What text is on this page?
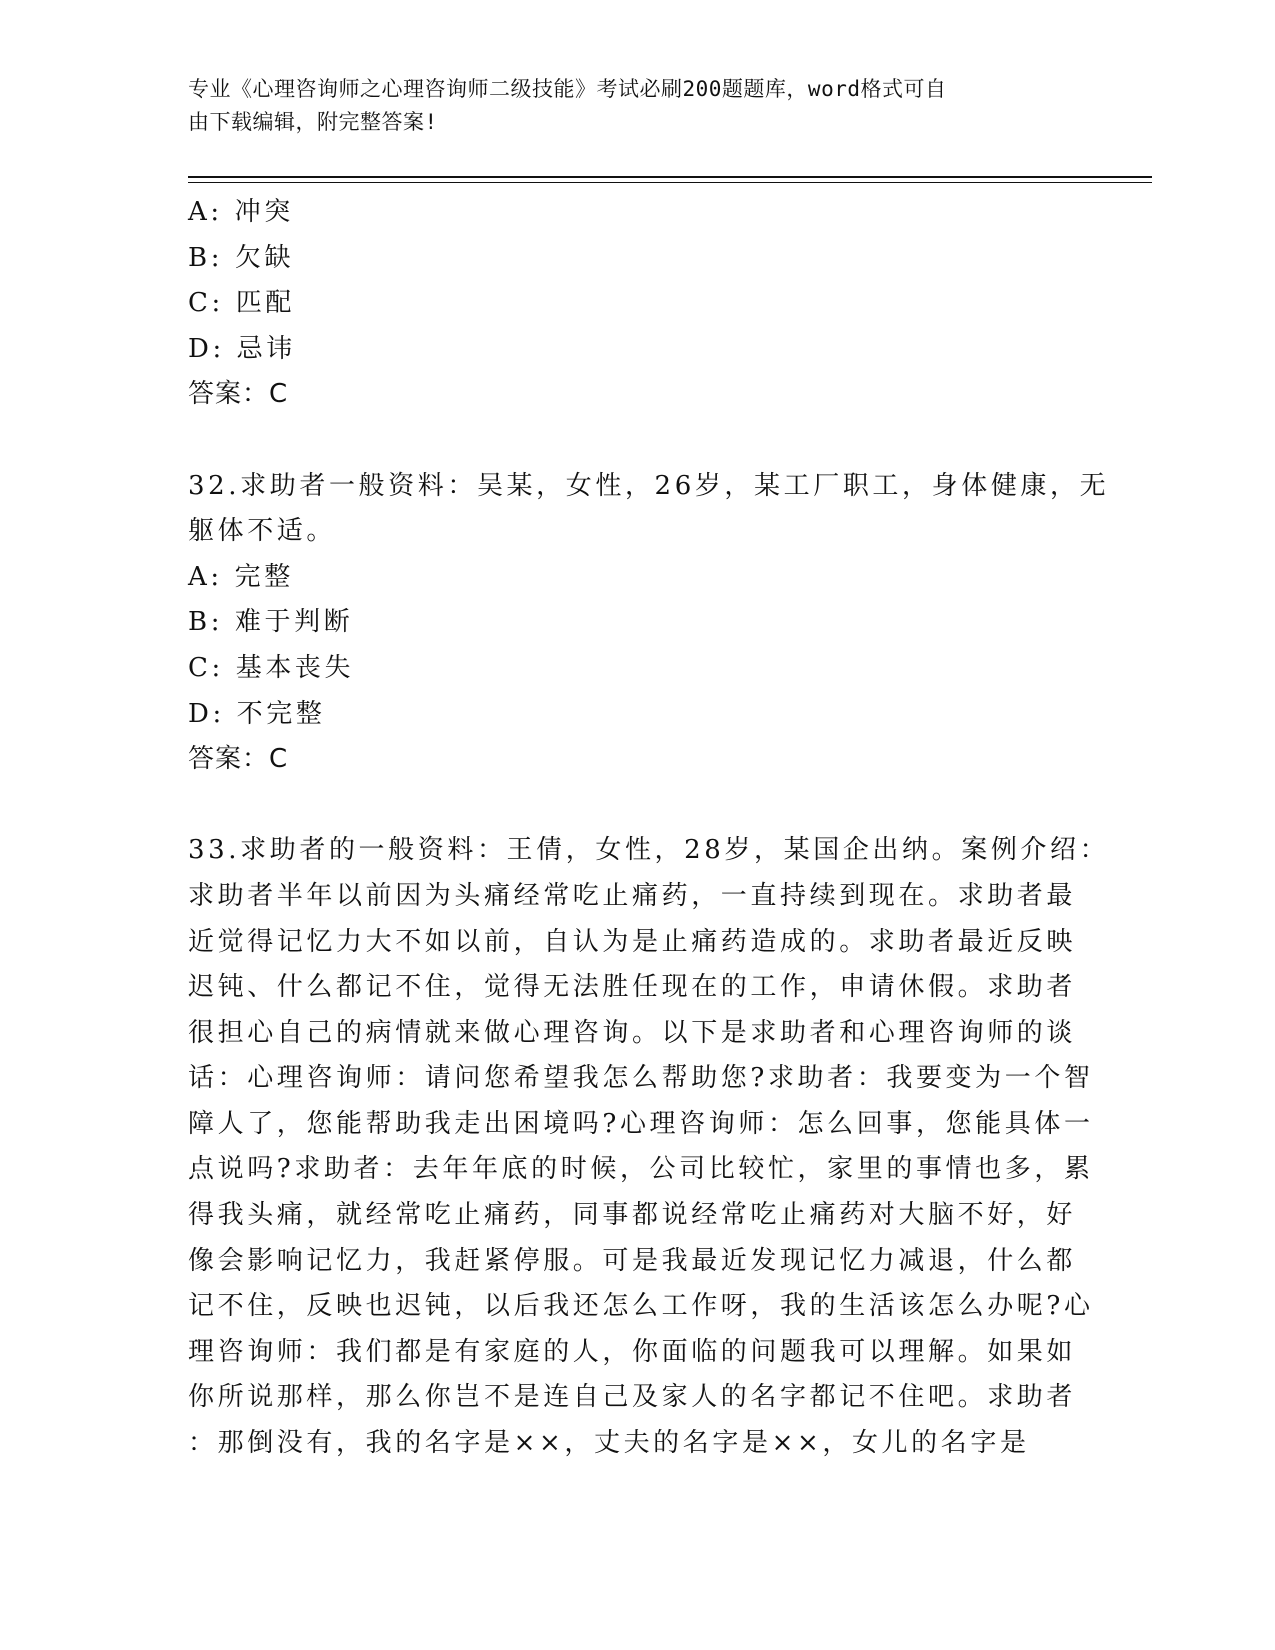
专业《心理咨询师之心理咨询师二级技能》考试必刷200题题库，word格式可自
由下载编辑，附完整答案!
A: 冲突
B: 欠缺
C: 匹配
D: 忌讳
答案：C
32.求助者一般资料：吴某，女性，26岁，某工厂职工，身体健康，无
躯体不适。
A: 完整
B: 难于判断
C: 基本丧失
D: 不完整
答案：C
33.求助者的一般资料：王倩，女性，28岁，某国企出纳。案例介绍：
求助者半年以前因为头痛经常吃止痛药，一直持续到现在。求助者最
近觉得记忆力大不如以前，自认为是止痛药造成的。求助者最近反映
迟钝、什么都记不住，觉得无法胜任现在的工作，申请休假。求助者
很担心自己的病情就来做心理咨询。以下是求助者和心理咨询师的谈
话：心理咨询师：请问您希望我怎么帮助您?求助者：我要变为一个智
障人了，您能帮助我走出困境吗?心理咨询师：怎么回事，您能具体一
点说吗?求助者：去年年底的时候，公司比较忙，家里的事情也多，累
得我头痛，就经常吃止痛药，同事都说经常吃止痛药对大脑不好，好
像会影响记忆力，我赶紧停服。可是我最近发现记忆力减退，什么都
记不住，反映也迟钝，以后我还怎么工作呀，我的生活该怎么办呢?心
理咨询师：我们都是有家庭的人，你面临的问题我可以理解。如果如
你所说那样，那么你岂不是连自己及家人的名字都记不住吧。求助者
：那倒没有，我的名字是××，丈夫的名字是××，女儿的名字是
